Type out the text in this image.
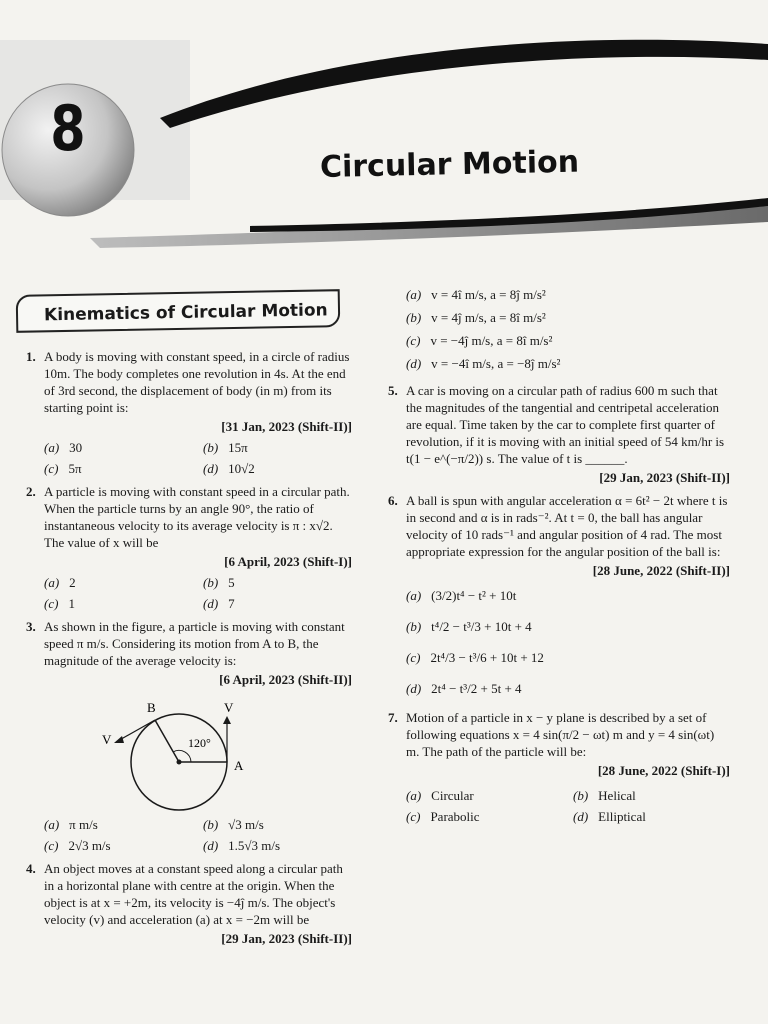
8	Circular Motion
Kinematics of Circular Motion
1. A body is moving with constant speed, in a circle of radius 10m. The body completes one revolution in 4s. At the end of 3rd second, the displacement of body (in m) from its starting point is:
[31 Jan, 2023 (Shift-II)]
(a) 30	(b) 15π
(c) 5π	(d) 10√2
2. A particle is moving with constant speed in a circular path. When the particle turns by an angle 90°, the ratio of instantaneous velocity to its average velocity is π : x√2. The value of x will be
[6 April, 2023 (Shift-I)]
(a) 2	(b) 5
(c) 1	(d) 7
3. As shown in the figure, a particle is moving with constant speed π m/s. Considering its motion from A to B, the magnitude of the average velocity is:
[6 April, 2023 (Shift-II)]
B
A
V
V	120°
(a) π m/s	(b) √3 m/s
(c) 2√3 m/s	(d) 1.5√3 m/s
4. An object moves at a constant speed along a circular path in a horizontal plane with centre at the origin. When the object is at x = +2m, its velocity is −4ĵ m/s. The object's velocity (v) and acceleration (a) at x = −2m will be
[29 Jan, 2023 (Shift-II)]
(a) v = 4î m/s, a = 8ĵ m/s²
(b) v = 4ĵ m/s, a = 8î m/s²
(c) v = −4ĵ m/s, a = 8î m/s²
(d) v = −4î m/s, a = −8ĵ m/s²
5. A car is moving on a circular path of radius 600 m such that the magnitudes of the tangential and centripetal acceleration are equal. Time taken by the car to complete first quarter of revolution, if it is moving with an initial speed of 54 km/hr is t(1 − e^(−π/2)) s. The value of t is ______.
[29 Jan, 2023 (Shift-II)]
6. A ball is spun with angular acceleration α = 6t² − 2t where t is in second and α is in rads⁻². At t = 0, the ball has angular velocity of 10 rads⁻¹ and angular position of 4 rad. The most appropriate expression for the angular position of the ball is:
[28 June, 2022 (Shift-II)]
(a) (3/2)t⁴ − t² + 10t
(b) t⁴/2 − t³/3 + 10t + 4
(c) 2t⁴/3 − t³/6 + 10t + 12
(d) 2t⁴ − t³/2 + 5t + 4
7. Motion of a particle in x − y plane is described by a set of following equations x = 4 sin(π/2 − ωt) m and y = 4 sin(ωt) m. The path of the particle will be:
[28 June, 2022 (Shift-I)]
(a) Circular	(b) Helical
(c) Parabolic	(d) Elliptical
